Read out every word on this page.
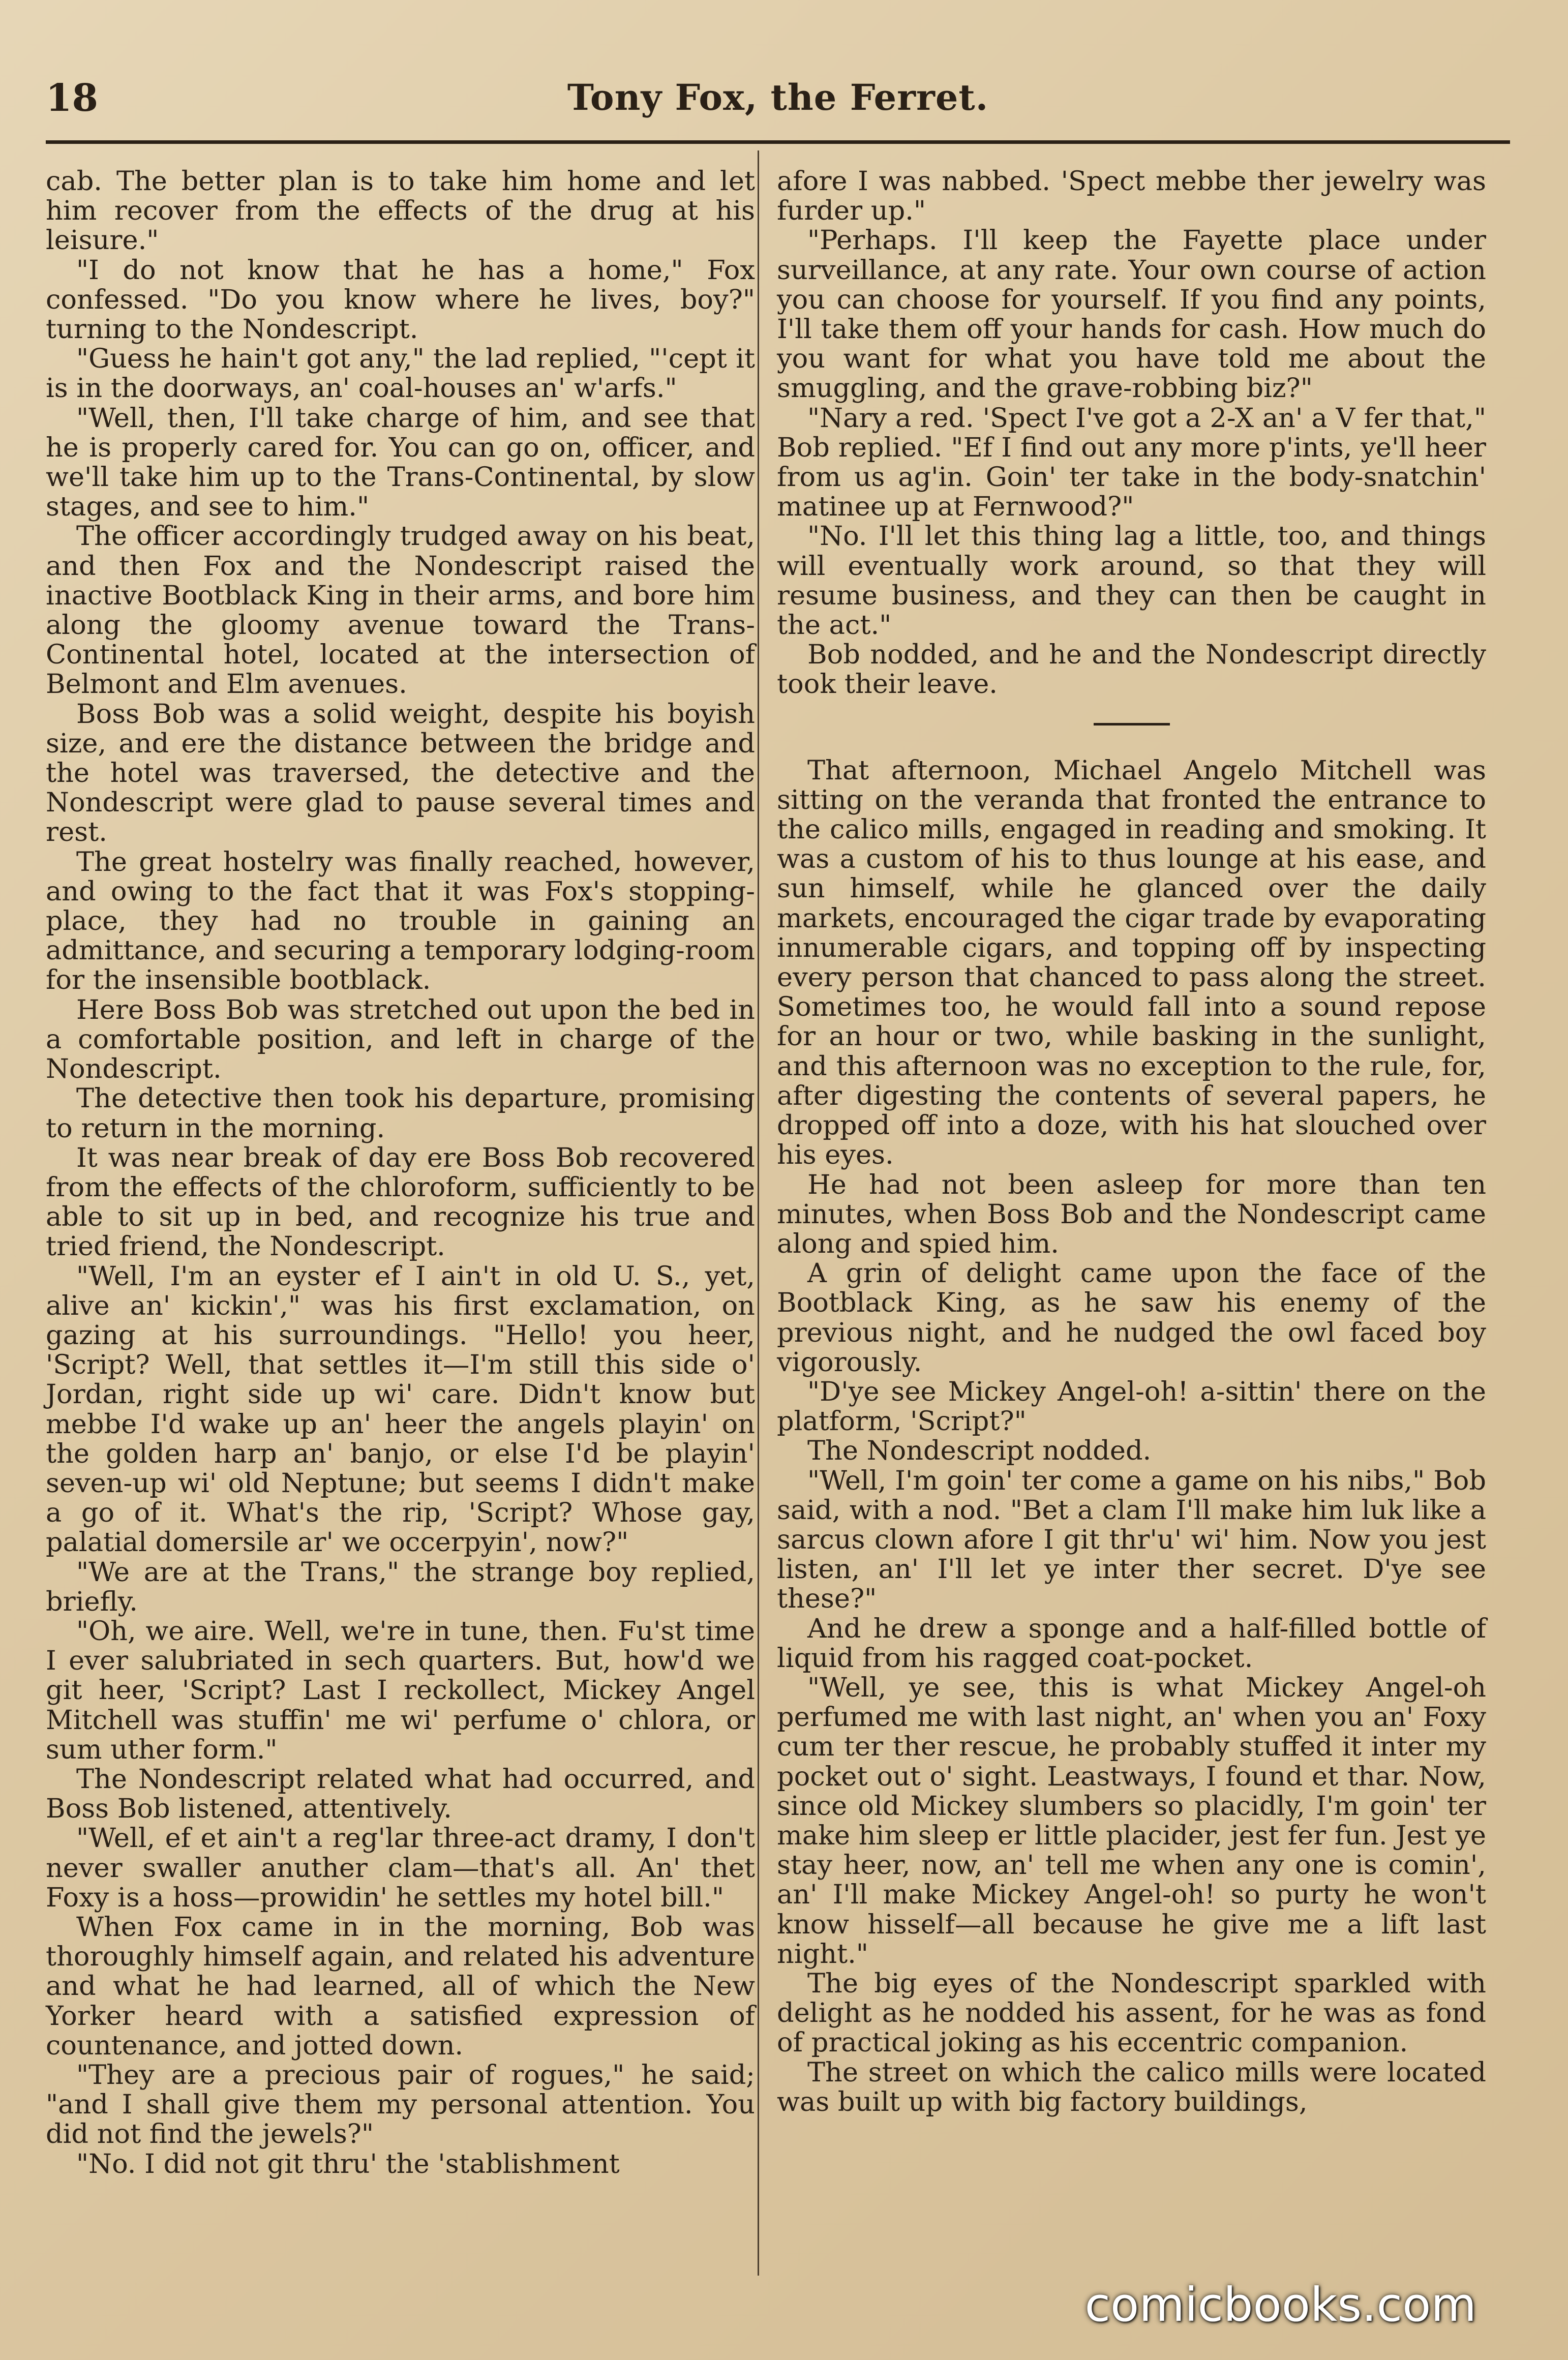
18	Tony Fox, the Ferret.

cab. The better plan is to take him home and let him recover from the effects of the drug at his leisure."

"I do not know that he has a home," Fox confessed. "Do you know where he lives, boy?" turning to the Nondescript.

"Guess he hain't got any," the lad replied, "'cept it is in the doorways, an' coal-houses an' w'arfs."

"Well, then, I'll take charge of him, and see that he is properly cared for. You can go on, officer, and we'll take him up to the Trans-Continental, by slow stages, and see to him."

The officer accordingly trudged away on his beat, and then Fox and the Nondescript raised the inactive Bootblack King in their arms, and bore him along the gloomy avenue toward the Trans-Continental hotel, located at the intersection of Belmont and Elm avenues.

Boss Bob was a solid weight, despite his boyish size, and ere the distance between the bridge and the hotel was traversed, the detective and the Nondescript were glad to pause several times and rest.

The great hostelry was finally reached, however, and owing to the fact that it was Fox's stopping-place, they had no trouble in gaining an admittance, and securing a temporary lodging-room for the insensible bootblack.

Here Boss Bob was stretched out upon the bed in a comfortable position, and left in charge of the Nondescript.

The detective then took his departure, promising to return in the morning.

It was near break of day ere Boss Bob recovered from the effects of the chloroform, sufficiently to be able to sit up in bed, and recognize his true and tried friend, the Nondescript.

"Well, I'm an eyster ef I ain't in old U. S., yet, alive an' kickin'," was his first exclamation, on gazing at his surroundings. "Hello! you heer, 'Script? Well, that settles it—I'm still this side o' Jordan, right side up wi' care. Didn't know but mebbe I'd wake up an' heer the angels playin' on the golden harp an' banjo, or else I'd be playin' seven-up wi' old Neptune; but seems I didn't make a go of it. What's the rip, 'Script? Whose gay, palatial domersile ar' we occerpyin', now?"

"We are at the Trans," the strange boy replied, briefly.

"Oh, we aire. Well, we're in tune, then. Fu'st time I ever salubriated in sech quarters. But, how'd we git heer, 'Script? Last I reckollect, Mickey Angel Mitchell was stuffin' me wi' perfume o' chlora, or sum uther form."

The Nondescript related what had occurred, and Boss Bob listened, attentively.

"Well, ef et ain't a reg'lar three-act dramy, I don't never swaller anuther clam—that's all. An' thet Foxy is a hoss—prowidin' he settles my hotel bill."

When Fox came in in the morning, Bob was thoroughly himself again, and related his adventure and what he had learned, all of which the New Yorker heard with a satisfied expression of countenance, and jotted down.

"They are a precious pair of rogues," he said; "and I shall give them my personal attention. You did not find the jewels?"

"No. I did not git thru' the 'stablishment

afore I was nabbed. 'Spect mebbe ther jewelry was furder up."

"Perhaps. I'll keep the Fayette place under surveillance, at any rate. Your own course of action you can choose for yourself. If you find any points, I'll take them off your hands for cash. How much do you want for what you have told me about the smuggling, and the grave-robbing biz?"

"Nary a red. 'Spect I've got a 2-X an' a V fer that," Bob replied. "Ef I find out any more p'ints, ye'll heer from us ag'in. Goin' ter take in the body-snatchin' matinee up at Fernwood?"

"No. I'll let this thing lag a little, too, and things will eventually work around, so that they will resume business, and they can then be caught in the act."

Bob nodded, and he and the Nondescript directly took their leave.

That afternoon, Michael Angelo Mitchell was sitting on the veranda that fronted the entrance to the calico mills, engaged in reading and smoking. It was a custom of his to thus lounge at his ease, and sun himself, while he glanced over the daily markets, encouraged the cigar trade by evaporating innumerable cigars, and topping off by inspecting every person that chanced to pass along the street. Sometimes too, he would fall into a sound repose for an hour or two, while basking in the sunlight, and this afternoon was no exception to the rule, for, after digesting the contents of several papers, he dropped off into a doze, with his hat slouched over his eyes.

He had not been asleep for more than ten minutes, when Boss Bob and the Nondescript came along and spied him.

A grin of delight came upon the face of the Bootblack King, as he saw his enemy of the previous night, and he nudged the owl faced boy vigorously.

"D'ye see Mickey Angel-oh! a-sittin' there on the platform, 'Script?"

The Nondescript nodded.

"Well, I'm goin' ter come a game on his nibs," Bob said, with a nod. "Bet a clam I'll make him luk like a sarcus clown afore I git thr'u' wi' him. Now you jest listen, an' I'll let ye inter ther secret. D'ye see these?"

And he drew a sponge and a half-filled bottle of liquid from his ragged coat-pocket.

"Well, ye see, this is what Mickey Angel-oh perfumed me with last night, an' when you an' Foxy cum ter ther rescue, he probably stuffed it inter my pocket out o' sight. Leastways, I found et thar. Now, since old Mickey slumbers so placidly, I'm goin' ter make him sleep er little placider, jest fer fun. Jest ye stay heer, now, an' tell me when any one is comin', an' I'll make Mickey Angel-oh! so purty he won't know hisself—all because he give me a lift last night."

The big eyes of the Nondescript sparkled with delight as he nodded his assent, for he was as fond of practical joking as his eccentric companion.

The street on which the calico mills were located was built up with big factory buildings,

comicbooks.com
